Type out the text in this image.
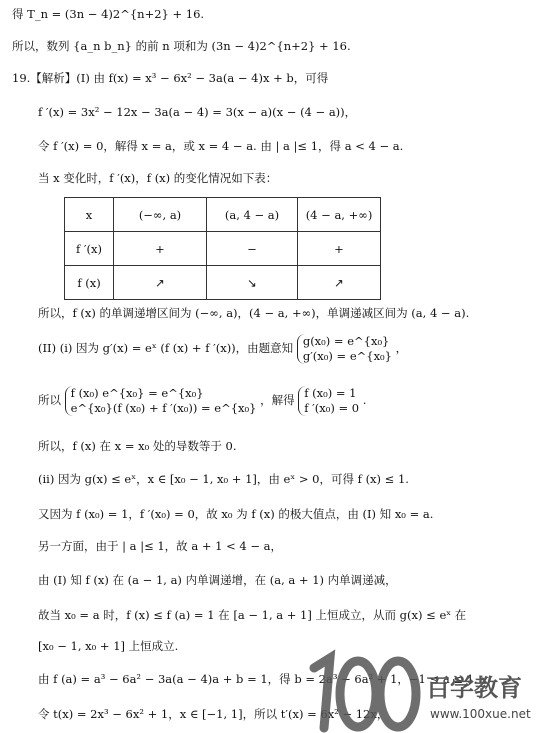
得 T_n = (3n − 4)2^{n+2} + 16.
所以，数列 {a_n b_n} 的前 n 项和为 (3n − 4)2^{n+2} + 16.
19.【解析】(I) 由 f(x) = x³ − 6x² − 3a(a − 4)x + b，可得
f ′(x) = 3x² − 12x − 3a(a − 4) = 3(x − a)(x − (4 − a))，
令 f ′(x) = 0，解得 x = a，或 x = 4 − a. 由 | a |≤ 1，得 a < 4 − a.
当 x 变化时，f ′(x)，f (x) 的变化情况如下表：
x	(−∞, a)	(a, 4 − a)	(4 − a, +∞)
f ′(x)	+	−	+
f (x)	↗	↘	↗
所以，f (x) 的单调递增区间为 (−∞, a)，(4 − a, +∞)，单调递减区间为 (a, 4 − a).
(II) (i) 因为 g′(x) = eˣ (f (x) + f ′(x))，由题意知 g(x₀) = e^{x₀}
g′(x₀) = e^{x₀} ，
所以 f (x₀) e^{x₀} = e^{x₀}
e^{x₀}(f (x₀) + f ′(x₀)) = e^{x₀} ，解得 f (x₀) = 1
f ′(x₀) = 0 .
所以，f (x) 在 x = x₀ 处的导数等于 0.
(ii) 因为 g(x) ≤ eˣ，x ∈ [x₀ − 1, x₀ + 1]，由 eˣ > 0，可得 f (x) ≤ 1.
又因为 f (x₀) = 1，f ′(x₀) = 0，故 x₀ 为 f (x) 的极大值点，由 (I) 知 x₀ = a.
另一方面，由于 | a |≤ 1，故 a + 1 < 4 − a，
由 (I) 知 f (x) 在 (a − 1, a) 内单调递增，在 (a, a + 1) 内单调递减，
故当 x₀ = a 时，f (x) ≤ f (a) = 1 在 [a − 1, a + 1] 上恒成立，从而 g(x) ≤ eˣ 在
[x₀ − 1, x₀ + 1] 上恒成立.
由 f (a) = a³ − 6a² − 3a(a − 4)a + b = 1，得 b = 2a³ − 6a² + 1，−1 ≤ a ≤ 1.
令 t(x) = 2x³ − 6x² + 1，x ∈ [−1, 1]，所以 t′(x) = 6x² − 12x，
百学教育
www.100xue.net
